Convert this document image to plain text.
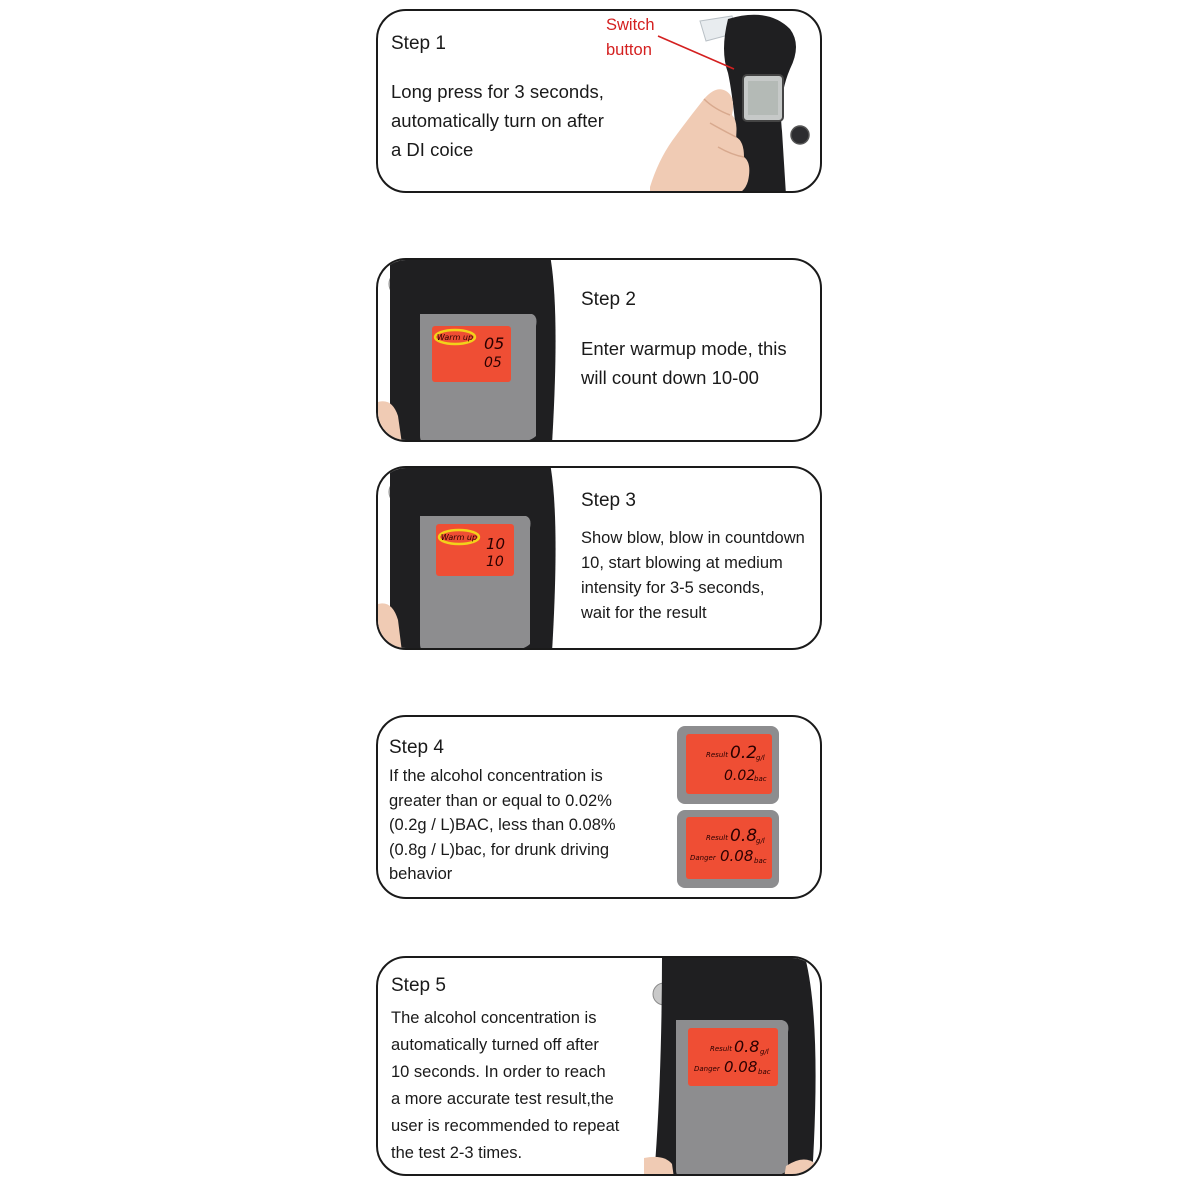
Step 1
Long press for 3 seconds,
automatically turn on after
a DI coice
Switch
button
Warm up 05
05
Step 2
Enter warmup mode, this
will count down 10-00
Warm up 10
10
Step 3
Show blow, blow in countdown
10, start blowing at medium
intensity for 3-5 seconds,
wait for the result
Step 4
If the alcohol concentration is
greater than or equal to 0.02%
(0.2g / L)BAC, less than 0.08%
(0.8g / L)bac, for drunk driving
behavior
Result 0.2
g/l
0.02
bac
Result 0.8
g/l
Danger 0.08 bac
Result 0.8 g/l
Danger 0.08 bac
Step 5
The alcohol concentration is
automatically turned off after
10 seconds. In order to reach
a more accurate test result,the
user is recommended to repeat
the test 2-3 times.
